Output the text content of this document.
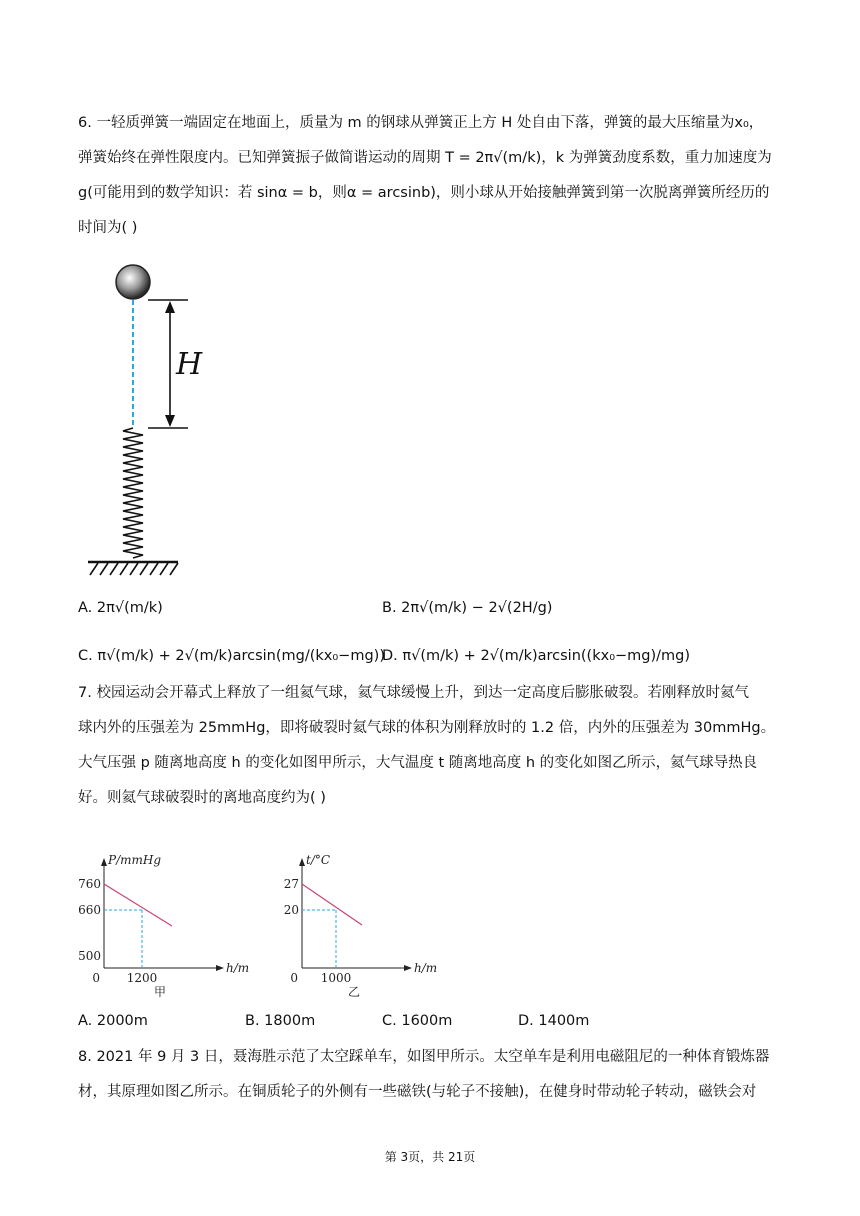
6. 一轻质弹簧一端固定在地面上，质量为 m 的钢球从弹簧正上方 H 处自由下落，弹簧的最大压缩量为x₀，
弹簧始终在弹性限度内。已知弹簧振子做简谐运动的周期 T = 2π√(m/k)，k 为弹簧劲度系数，重力加速度为
g(可能用到的数学知识：若 sinα = b，则α = arcsinb)，则小球从开始接触弹簧到第一次脱离弹簧所经历的
时间为( )
H
A. 2π√(m/k)	B. 2π√(m/k) − 2√(2H/g)
C. π√(m/k) + 2√(m/k)arcsin(mg/(kx₀−mg))
D. π√(m/k) + 2√(m/k)arcsin((kx₀−mg)/mg)
7. 校园运动会开幕式上释放了一组氦气球，氦气球缓慢上升，到达一定高度后膨胀破裂。若刚释放时氦气
球内外的压强差为 25mmHg，即将破裂时氦气球的体积为刚释放时的 1.2 倍，内外的压强差为 30mmHg。
大气压强 p 随离地高度 h 的变化如图甲所示，大气温度 t 随离地高度 h 的变化如图乙所示，氦气球导热良
好。则氦气球破裂时的离地高度约为( )
P/mmHg
h/m
760
660
500
0 1200
甲
t/°C
h/m
27
20
0 1000
乙
A. 2000m	B. 1800m	C. 1600m	D. 1400m
8. 2021 年 9 月 3 日，聂海胜示范了太空踩单车，如图甲所示。太空单车是利用电磁阻尼的一种体育锻炼器
材，其原理如图乙所示。在铜质轮子的外侧有一些磁铁(与轮子不接触)，在健身时带动轮子转动，磁铁会对
第 3页，共 21页
